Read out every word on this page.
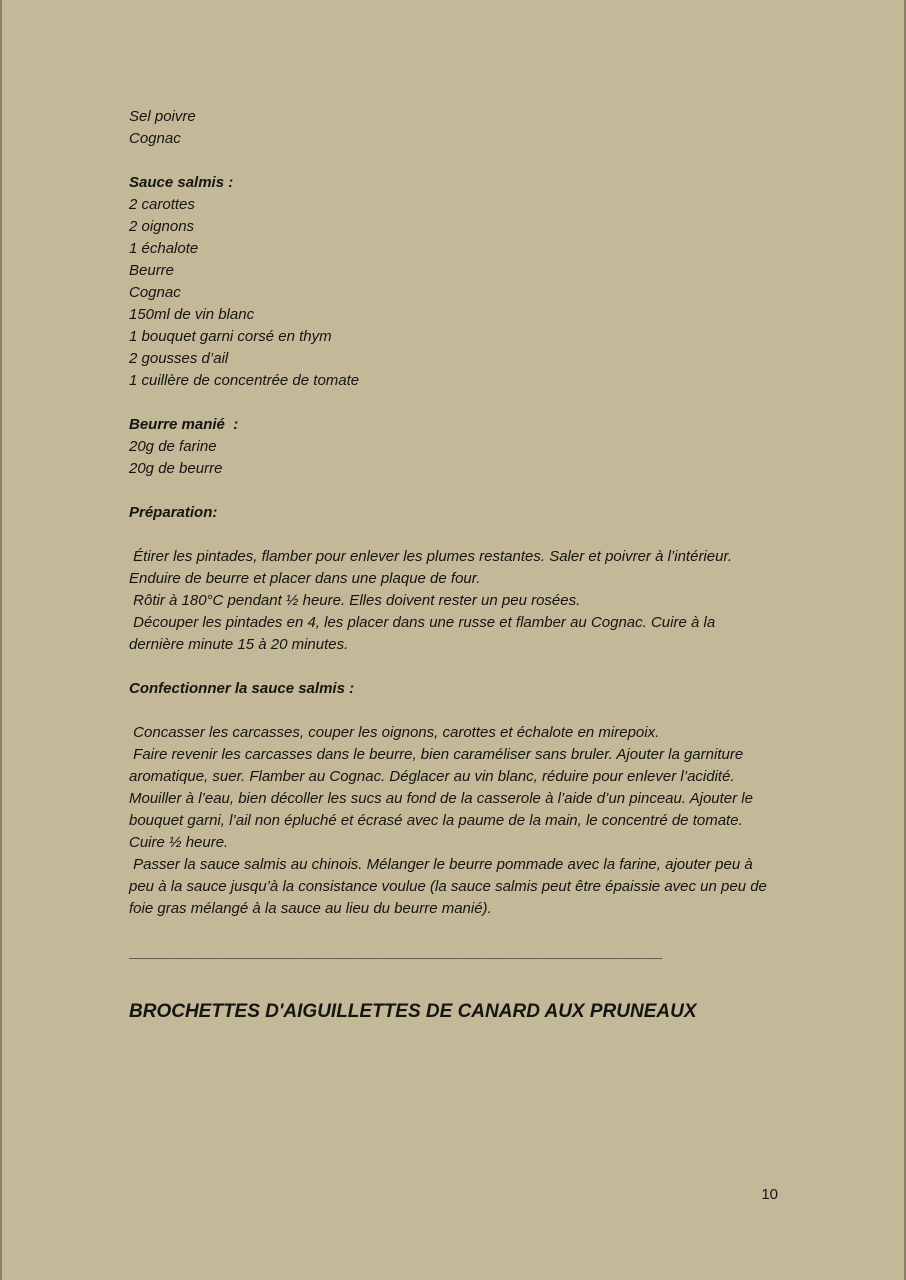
Sel poivre
Cognac
Sauce salmis :
2 carottes
2 oignons
1 échalote
Beurre
Cognac
150ml de vin blanc
1 bouquet garni corsé en thym
2 gousses d’ail
1 cuillère de concentrée de tomate
Beurre manié  :
20g de farine
20g de beurre
Préparation:
Étirer les pintades, flamber pour enlever les plumes restantes. Saler et poivrer à l’intérieur. Enduire de beurre et placer dans une plaque de four.
Rôtir à 180°C pendant ½ heure. Elles doivent rester un peu rosées.
Découper les pintades en 4, les placer dans une russe et flamber au Cognac. Cuire à la dernière minute 15 à 20 minutes.
Confectionner la sauce salmis :
Concasser les carcasses, couper les oignons, carottes et échalote en mirepoix.
Faire revenir les carcasses dans le beurre, bien caraméliser sans bruler. Ajouter la garniture aromatique, suer. Flamber au Cognac. Déglacer au vin blanc, réduire pour enlever l’acidité. Mouiller à l’eau, bien décoller les sucs au fond de la casserole à l’aide d’un pinceau. Ajouter le bouquet garni, l’ail non épluché et écrasé avec la paume de la main, le concentré de tomate. Cuire ½ heure.
Passer la sauce salmis au chinois. Mélanger le beurre pommade avec la farine, ajouter peu à peu à la sauce jusqu’à la consistance voulue (la sauce salmis peut être épaissie avec un peu de foie gras mélangé à la sauce au lieu du beurre manié).
________________________________________________________________
BROCHETTES D'AIGUILLETTES DE CANARD AUX PRUNEAUX
10
